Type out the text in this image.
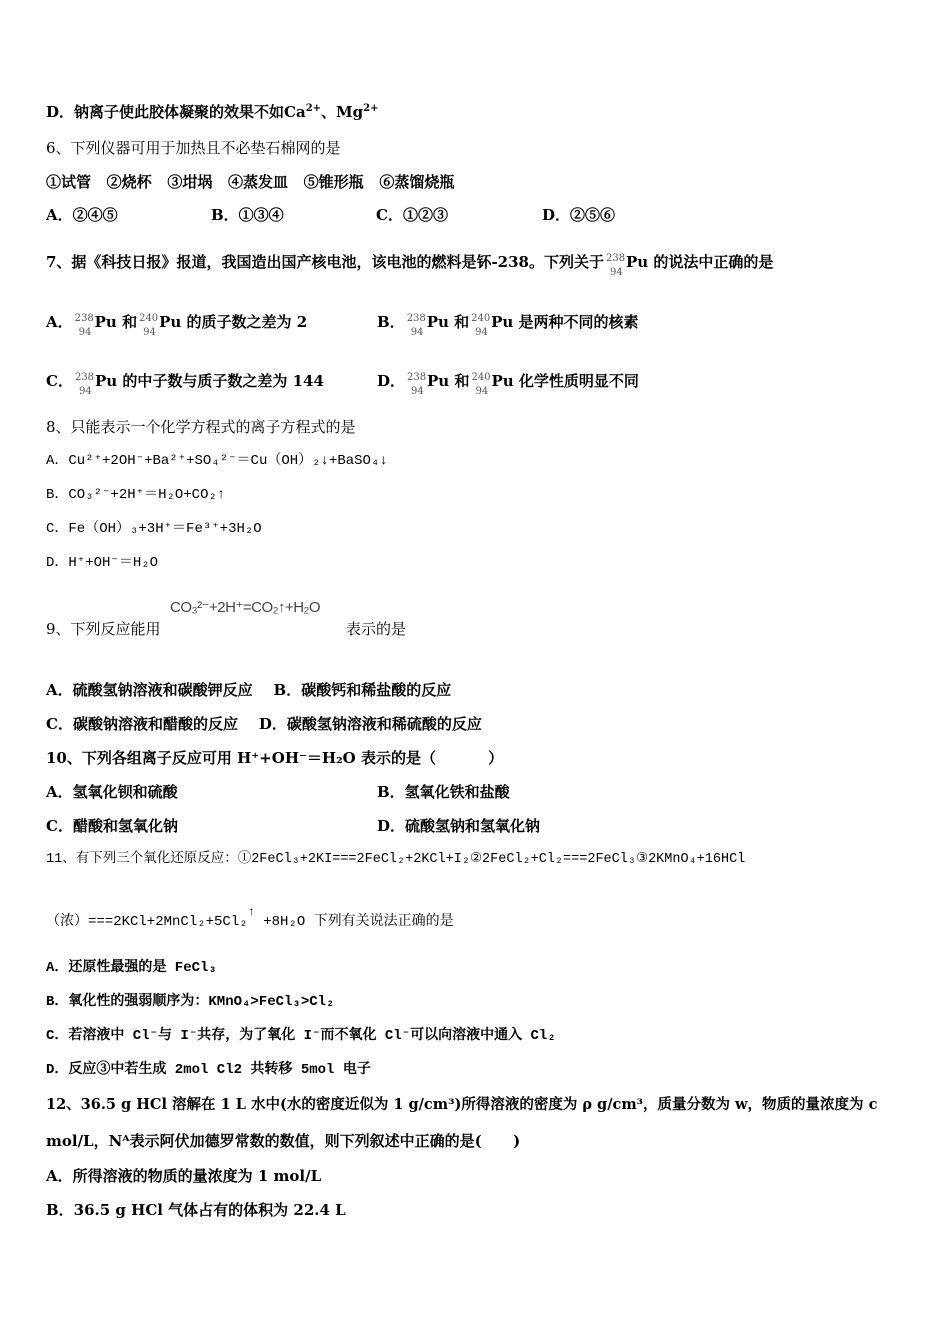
D．钠离子使此胶体凝聚的效果不如$Ca^{2+}$、$Mg^{2+}$
6、下列仪器可用于加热且不必垫石棉网的是
①试管   ②烧杯   ③坩埚   ④蒸发皿   ⑤锥形瓶   ⑥蒸馏烧瓶
A．②④⑤	B．①③④	C．①②③	D．②⑤⑥
7、据《科技日报》报道，我国造出国产核电池，该电池的燃料是钚-238。下列关于 238
94
Pu 的说法中正确的是
A． 238
94
Pu 和 240
94
Pu 的质子数之差为 2	B． 238
94
Pu 和 240
94
Pu 是两种不同的核素
C． 238
94
Pu 的中子数与质子数之差为 144	D． 238
94
Pu 和 240
94
Pu 化学性质明显不同
8、只能表示一个化学方程式的离子方程式的是
A．Cu²⁺+2OH⁻+Ba²⁺+SO₄²⁻＝Cu（OH）₂↓+BaSO₄↓
B．CO₃²⁻+2H⁺＝H₂O+CO₂↑
C．Fe（OH）₃+3H⁺＝Fe³⁺+3H₂O
D．H⁺+OH⁻＝H₂O
CO₃²⁻+2H⁺=CO₂↑+H₂O
9、下列反应能用	表示的是
A．硫酸氢钠溶液和碳酸钾反应    B．碳酸钙和稀盐酸的反应
C．碳酸钠溶液和醋酸的反应    D．碳酸氢钠溶液和稀硫酸的反应
10、下列各组离子反应可用 H⁺+OH⁻＝H₂O 表示的是（          ）
A．氢氧化钡和硫酸	B．氢氧化铁和盐酸
C．醋酸和氢氧化钠	D．硫酸氢钠和氢氧化钠
11、有下列三个氧化还原反应：①2FeCl₃+2KI===2FeCl₂+2KCl+I₂②2FeCl₂+Cl₂===2FeCl₃③2KMnO₄+16HCl
（浓）===2KCl+2MnCl₂+5Cl₂↑ +8H₂O 下列有关说法正确的是
A．还原性最强的是 FeCl₃
B．氧化性的强弱顺序为：KMnO₄>FeCl₃>Cl₂
C．若溶液中 Cl⁻与 I⁻共存，为了氧化 I⁻而不氧化 Cl⁻可以向溶液中通入 Cl₂
D．反应③中若生成 2mol Cl2 共转移 5mol 电子
12、36.5 g HCl 溶解在 1 L 水中(水的密度近似为 1 g/cm³)所得溶液的密度为 ρ g/cm³，质量分数为 w，物质的量浓度为 c
mol/L，Nᴬ表示阿伏加德罗常数的数值，则下列叙述中正确的是(      )
A．所得溶液的物质的量浓度为 1 mol/L
B．36.5 g HCl 气体占有的体积为 22.4 L
